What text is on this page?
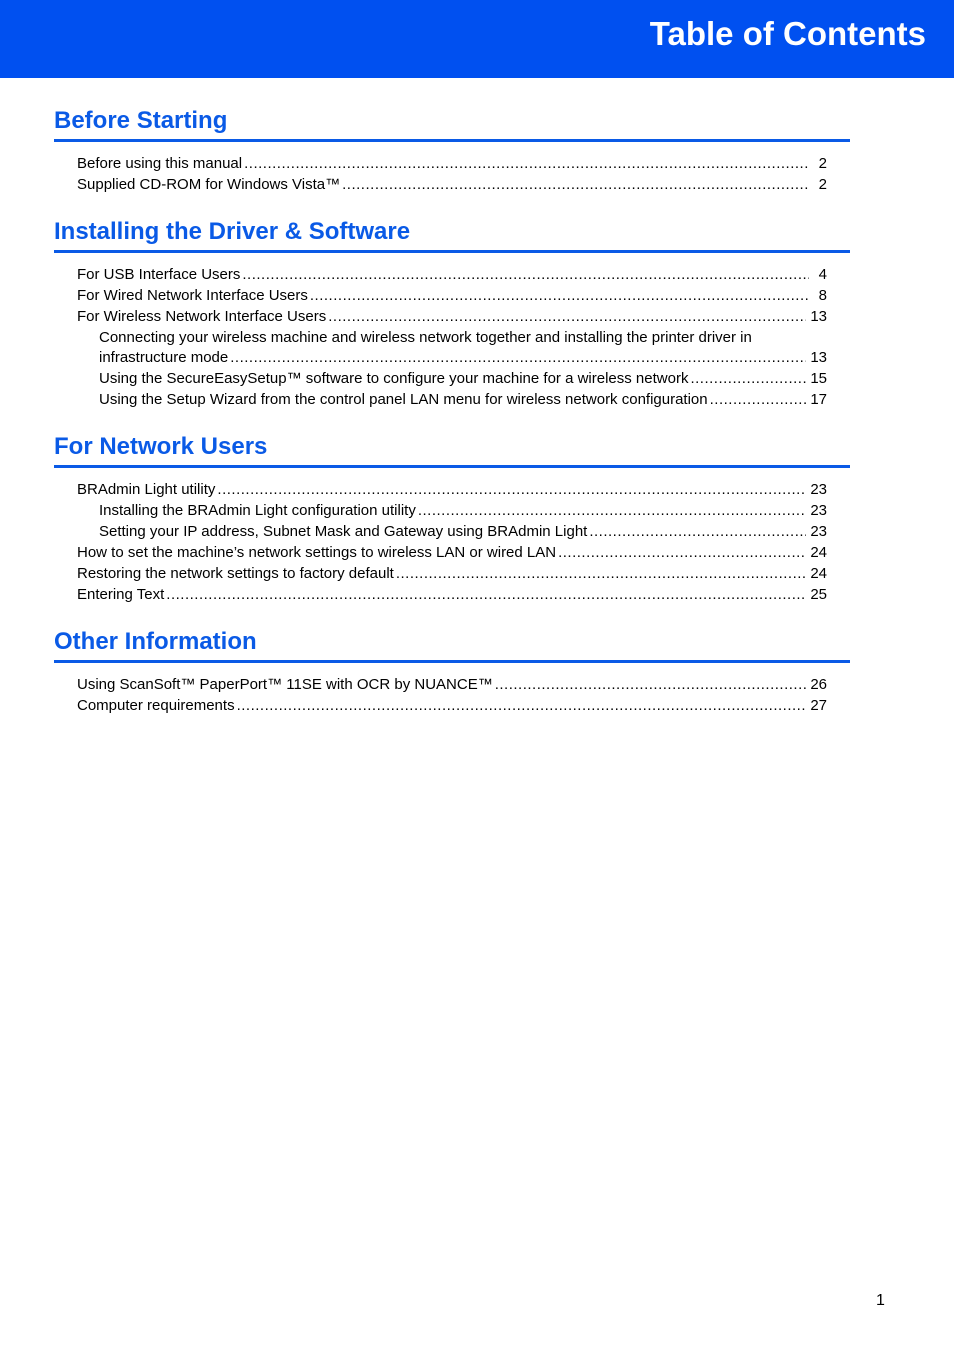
Table of Contents
Before Starting
Before using this manual .....	2
Supplied CD-ROM for Windows Vista™ .....	2
Installing the Driver & Software
For USB Interface Users .....	4
For Wired Network Interface Users .....	8
For Wireless Network Interface Users .....	13
Connecting your wireless machine and wireless network together and installing the printer driver in
infrastructure mode .....	13
Using the SecureEasySetup™ software to configure your machine for a wireless network .....	15
Using the Setup Wizard from the control panel LAN menu for wireless network configuration .....	17
For Network Users
BRAdmin Light utility .....	23
Installing the BRAdmin Light configuration utility .....	23
Setting your IP address, Subnet Mask and Gateway using BRAdmin Light .....	23
How to set the machine’s network settings to wireless LAN or wired LAN .....	24
Restoring the network settings to factory default .....	24
Entering Text .....	25
Other Information
Using ScanSoft™ PaperPort™ 11SE with OCR by NUANCE™ .....	26
Computer requirements .....	27
1
